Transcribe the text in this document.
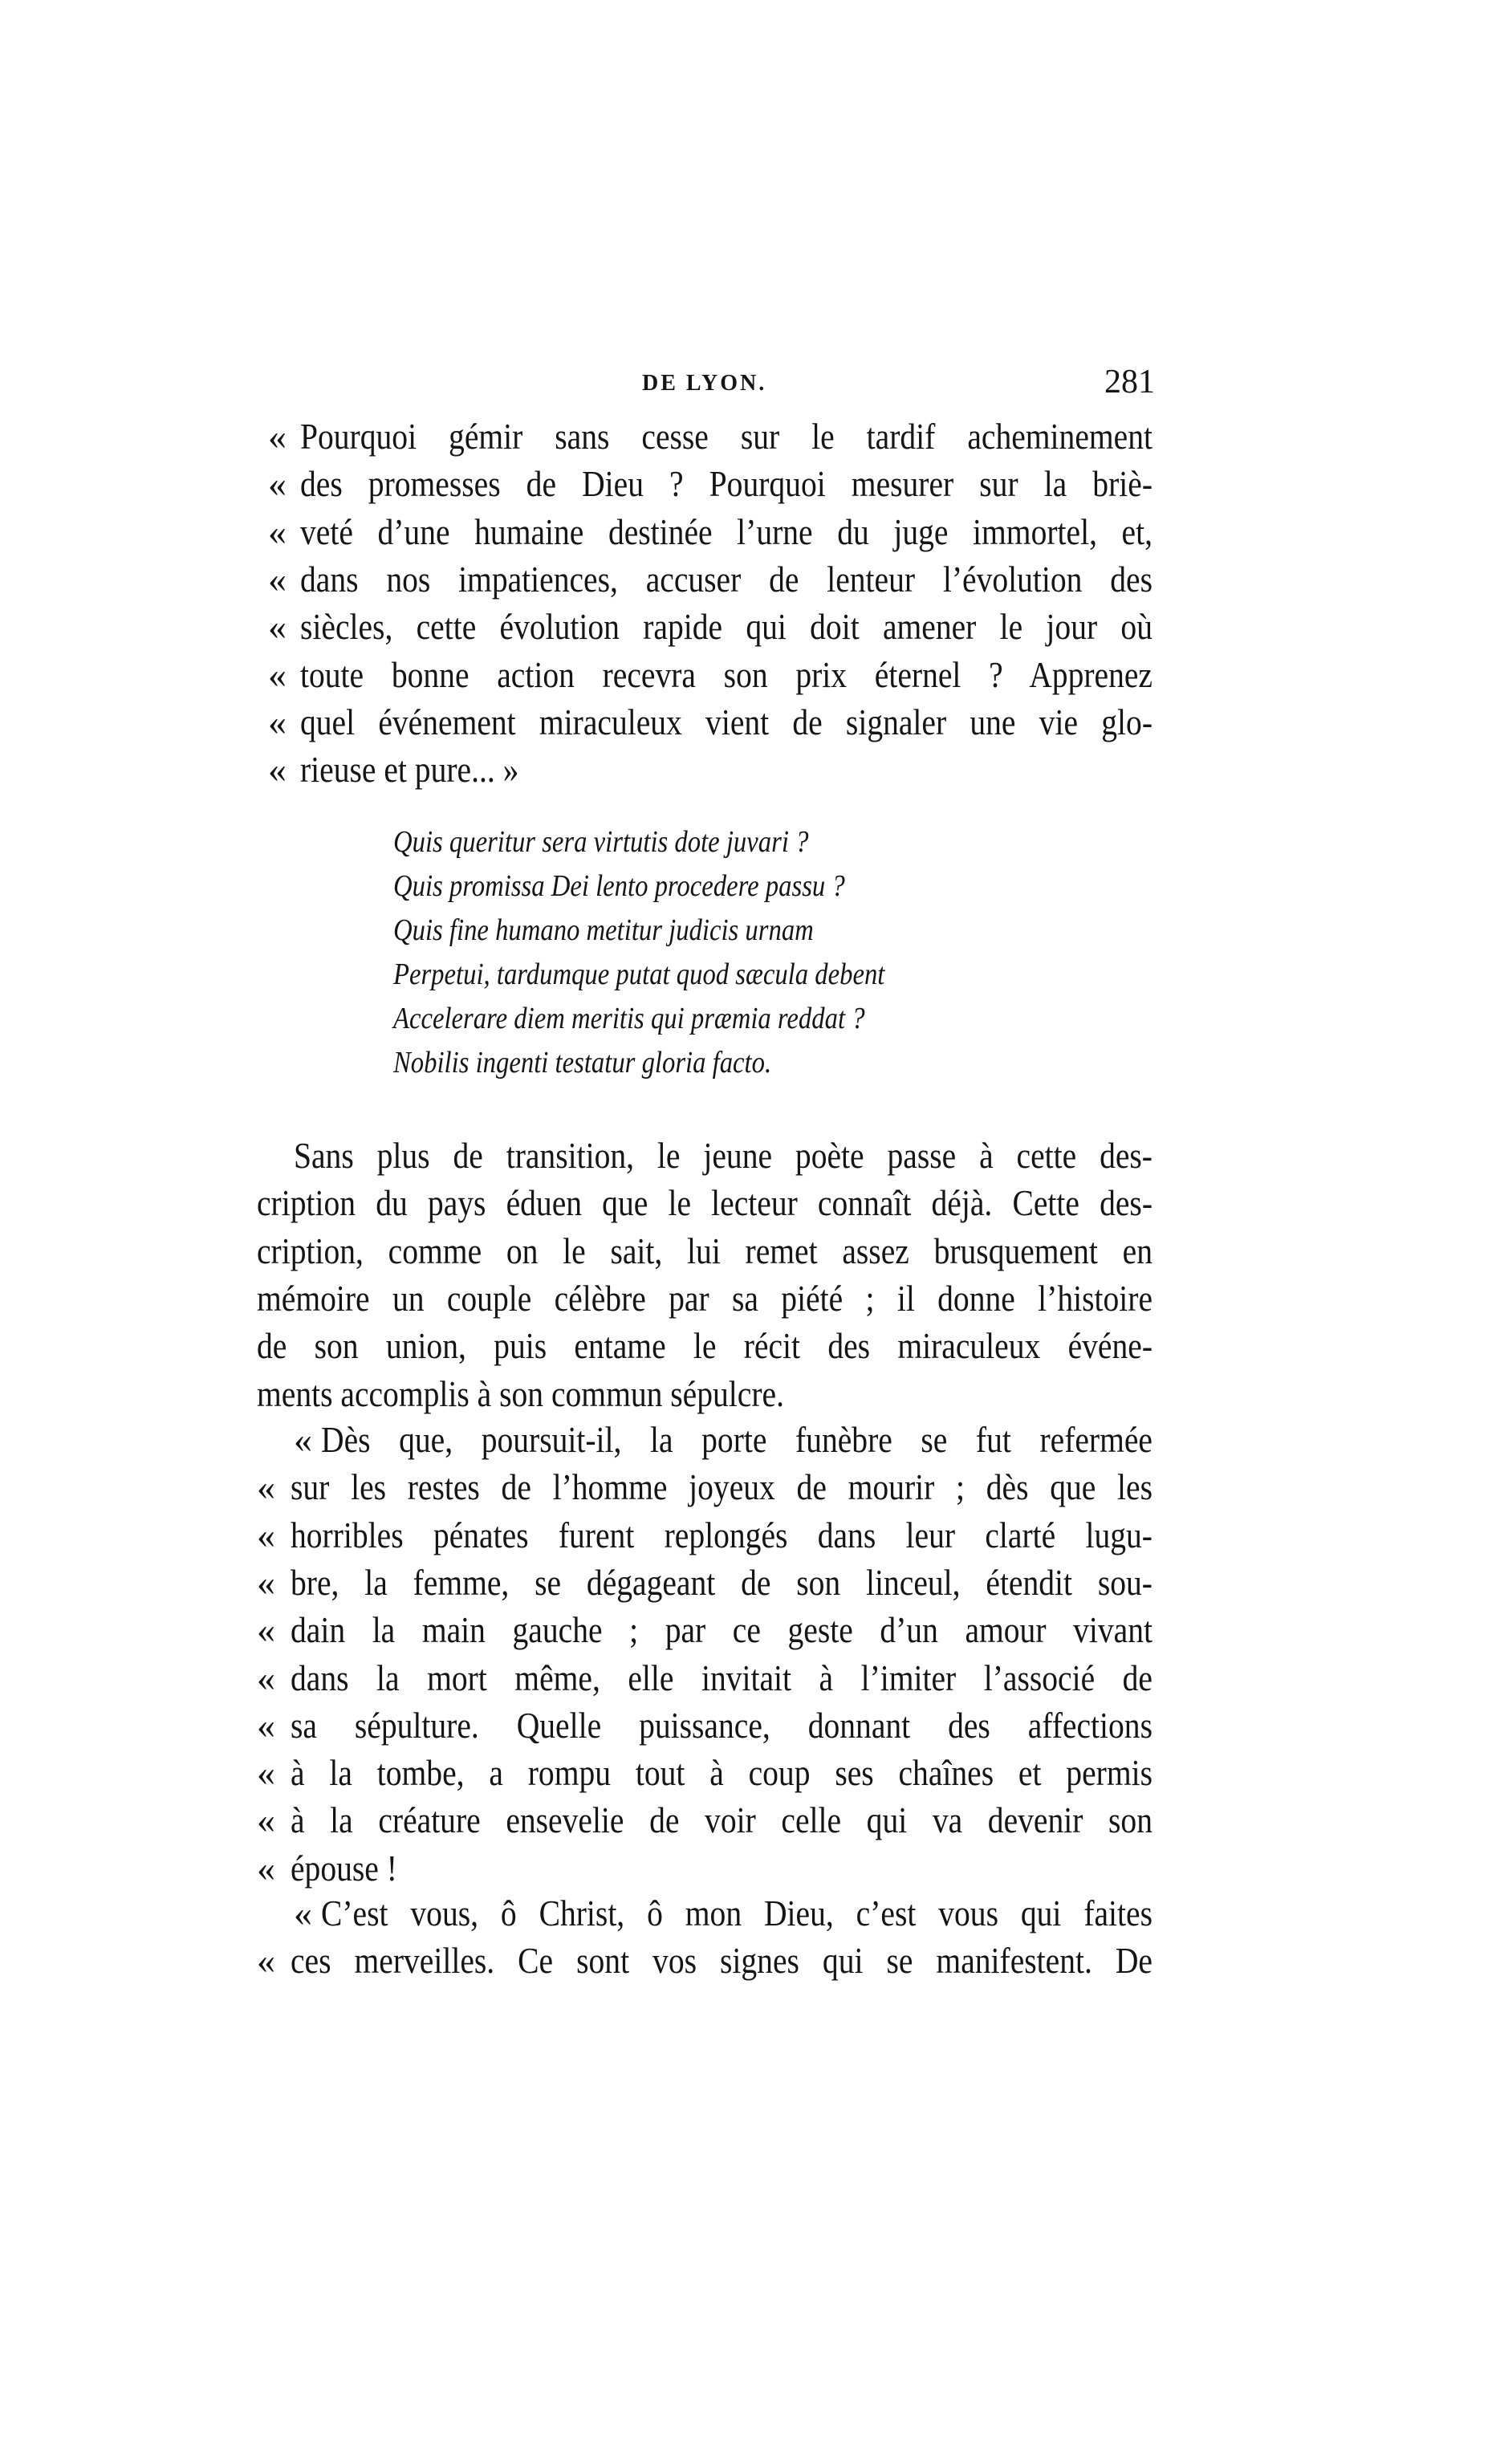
DE LYON.	281
« Pourquoi gémir sans cesse sur le tardif acheminement
« des promesses de Dieu ? Pourquoi mesurer sur la briè-
« veté d’une humaine destinée l’urne du juge immortel, et,
« dans nos impatiences, accuser de lenteur l’évolution des
« siècles, cette évolution rapide qui doit amener le jour où
« toute bonne action recevra son prix éternel ? Apprenez
« quel événement miraculeux vient de signaler une vie glo-
« rieuse et pure... »
Quis queritur sera virtutis dote juvari ?
Quis promissa Dei lento procedere passu ?
Quis fine humano metitur judicis urnam
Perpetui, tardumque putat quod sæcula debent
Accelerare diem meritis qui præmia reddat ?
Nobilis ingenti testatur gloria facto.
Sans plus de transition, le jeune poète passe à cette des-
cription du pays éduen que le lecteur connaît déjà. Cette des-
cription, comme on le sait, lui remet assez brusquement en
mémoire un couple célèbre par sa piété ; il donne l’histoire
de son union, puis entame le récit des miraculeux événe-
ments accomplis à son commun sépulcre.
« Dès que, poursuit-il, la porte funèbre se fut refermée
« sur les restes de l’homme joyeux de mourir ; dès que les
« horribles pénates furent replongés dans leur clarté lugu-
« bre, la femme, se dégageant de son linceul, étendit sou-
« dain la main gauche ; par ce geste d’un amour vivant
« dans la mort même, elle invitait à l’imiter l’associé de
« sa sépulture. Quelle puissance, donnant des affections
« à la tombe, a rompu tout à coup ses chaînes et permis
« à la créature ensevelie de voir celle qui va devenir son
« épouse !
« C’est vous, ô Christ, ô mon Dieu, c’est vous qui faites
« ces merveilles. Ce sont vos signes qui se manifestent. De
